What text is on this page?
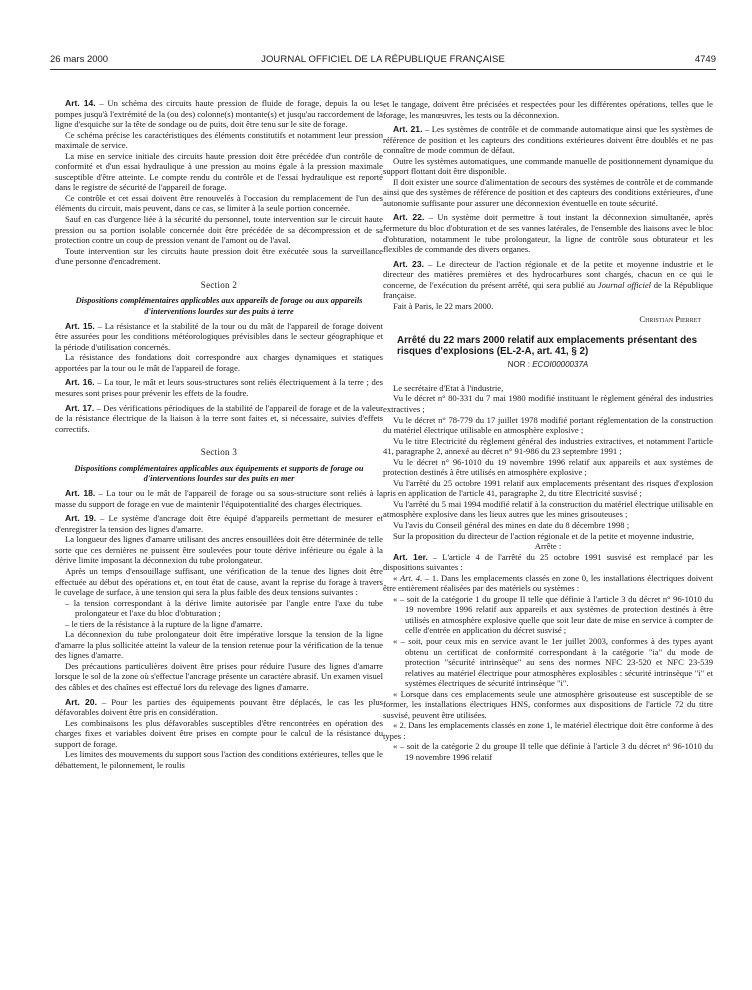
26 mars 2000	JOURNAL OFFICIEL DE LA RÉPUBLIQUE FRANÇAISE	4749

Art. 14. – Un schéma des circuits haute pression de fluide de forage, depuis la ou les pompes jusqu'à l'extrémité de la (ou des) colonne(s) montante(s) et jusqu'au raccordement de la ligne d'esquiche sur la tête de sondage ou de puits, doit être tenu sur le site de forage.

Ce schéma précise les caractéristiques des éléments constitutifs et notamment leur pression maximale de service.

La mise en service initiale des circuits haute pression doit être précédée d'un contrôle de conformité et d'un essai hydraulique à une pression au moins égale à la pression maximale susceptible d'être atteinte. Le compte rendu du contrôle et de l'essai hydraulique est reporté dans le registre de sécurité de l'appareil de forage.

Ce contrôle et cet essai doivent être renouvelés à l'occasion du remplacement de l'un des éléments du circuit, mais peuvent, dans ce cas, se limiter à la seule portion concernée.

Sauf en cas d'urgence liée à la sécurité du personnel, toute intervention sur le circuit haute pression ou sa portion isolable concernée doit être précédée de sa décompression et de sa protection contre un coup de pression venant de l'amont ou de l'aval.

Toute intervention sur les circuits haute pression doit être exécutée sous la surveillance d'une personne d'encadrement.

Section 2

Dispositions complémentaires applicables aux appareils de forage ou aux appareils d'interventions lourdes sur des puits à terre

Art. 15. – La résistance et la stabilité de la tour ou du mât de l'appareil de forage doivent être assurées pour les conditions météorologiques prévisibles dans le secteur géographique et la période d'utilisation concernés.

La résistance des fondations doit correspondre aux charges dynamiques et statiques apportées par la tour ou le mât de l'appareil de forage.

Art. 16. – La tour, le mât et leurs sous-structures sont reliés électriquement à la terre ; des mesures sont prises pour prévenir les effets de la foudre.

Art. 17. – Des vérifications périodiques de la stabilité de l'appareil de forage et de la valeur de la résistance électrique de la liaison à la terre sont faites et, si nécessaire, suivies d'effets correctifs.

Section 3

Dispositions complémentaires applicables aux équipements et supports de forage ou d'interventions lourdes sur des puits en mer

Art. 18. – La tour ou le mât de l'appareil de forage ou sa sous-structure sont reliés à la masse du support de forage en vue de maintenir l'équipotentialité des charges électriques.

Art. 19. – Le système d'ancrage doit être équipé d'appareils permettant de mesurer et d'enregistrer la tension des lignes d'amarre.

La longueur des lignes d'amarre utilisant des ancres ensouillées doit être déterminée de telle sorte que ces dernières ne puissent être soulevées pour toute dérive inférieure ou égale à la dérive limite imposant la déconnexion du tube prolongateur.

Après un temps d'ensouillage suffisant, une vérification de la tenue des lignes doit être effectuée au début des opérations et, en tout état de cause, avant la reprise du forage à travers le cuvelage de surface, à une tension qui sera la plus faible des deux tensions suivantes :

– la tension correspondant à la dérive limite autorisée par l'angle entre l'axe du tube prolongateur et l'axe du bloc d'obturation ;

– le tiers de la résistance à la rupture de la ligne d'amarre.

La déconnexion du tube prolongateur doit être impérative lorsque la tension de la ligne d'amarre la plus sollicitée atteint la valeur de la tension retenue pour la vérification de la tenue des lignes d'amarre.

Des précautions particulières doivent être prises pour réduire l'usure des lignes d'amarre lorsque le sol de la zone où s'effectue l'ancrage présente un caractère abrasif. Un examen visuel des câbles et des chaînes est effectué lors du relevage des lignes d'amarre.

Art. 20. – Pour les parties des équipements pouvant être déplacés, le cas les plus défavorables doivent être pris en considération.

Les combinaisons les plus défavorables susceptibles d'être rencontrées en opération des charges fixes et variables doivent être prises en compte pour le calcul de la résistance du support de forage.

Les limites des mouvements du support sous l'action des conditions extérieures, telles que le débattement, le pilonnement, le roulis

et le tangage, doivent être précisées et respectées pour les différentes opérations, telles que le forage, les manœuvres, les tests ou la déconnexion.

Art. 21. – Les systèmes de contrôle et de commande automatique ainsi que les systèmes de référence de position et les capteurs des conditions extérieures doivent être doublés et ne pas connaître de mode commun de défaut.

Outre les systèmes automatiques, une commande manuelle de positionnement dynamique du support flottant doit être disponible.

Il doit exister une source d'alimentation de secours des systèmes de contrôle et de commande ainsi que des systèmes de référence de position et des capteurs des conditions extérieures, d'une autonomie suffisante pour assurer une déconnexion éventuelle en toute sécurité.

Art. 22. – Un système doit permettre à tout instant la déconnexion simultanée, après fermeture du bloc d'obturation et de ses vannes latérales, de l'ensemble des liaisons avec le bloc d'obturation, notamment le tube prolongateur, la ligne de contrôle sous obturateur et les flexibles de commande des divers organes.

Art. 23. – Le directeur de l'action régionale et de la petite et moyenne industrie et le directeur des matières premières et des hydrocarbures sont chargés, chacun en ce qui le concerne, de l'exécution du présent arrêté, qui sera publié au Journal officiel de la République française.

Fait à Paris, le 22 mars 2000.

Christian Pierret

Arrêté du 22 mars 2000 relatif aux emplacements présentant des risques d'explosions (EL-2-A, art. 41, § 2)

NOR : ECOI0000037A

Le secrétaire d'Etat à l'industrie,

Vu le décret n° 80-331 du 7 mai 1980 modifié instituant le règlement général des industries extractives ;

Vu le décret n° 78-779 du 17 juillet 1978 modifié portant réglementation de la construction du matériel électrique utilisable en atmosphère explosive ;

Vu le titre Electricité du règlement général des industries extractives, et notamment l'article 41, paragraphe 2, annexé au décret n° 91-986 du 23 septembre 1991 ;

Vu le décret n° 96-1010 du 19 novembre 1996 relatif aux appareils et aux systèmes de protection destinés à être utilisés en atmosphère explosive ;

Vu l'arrêté du 25 octobre 1991 relatif aux emplacements présentant des risques d'explosion pris en application de l'article 41, paragraphe 2, du titre Electricité susvisé ;

Vu l'arrêté du 5 mai 1994 modifié relatif à la construction du matériel électrique utilisable en atmosphère explosive dans les lieux autres que les mines grisouteuses ;

Vu l'avis du Conseil général des mines en date du 8 décembre 1998 ;

Sur la proposition du directeur de l'action régionale et de la petite et moyenne industrie,

Arrête :

Art. 1er. – L'article 4 de l'arrêté du 25 octobre 1991 susvisé est remplacé par les dispositions suivantes :

« Art. 4. – 1. Dans les emplacements classés en zone 0, les installations électriques doivent être entièrement réalisées par des matériels ou systèmes :

« – soit de la catégorie 1 du groupe II telle que définie à l'article 3 du décret n° 96-1010 du 19 novembre 1996 relatif aux appareils et aux systèmes de protection destinés à être utilisés en atmosphère explosive quelle que soit leur date de mise en service à compter de celle d'entrée en application du décret susvisé ;

« – soit, pour ceux mis en service avant le 1er juillet 2003, conformes à des types ayant obtenu un certificat de conformité correspondant à la catégorie "ia" du mode de protection "sécurité intrinsèque" au sens des normes NFC 23-520 et NFC 23-539 relatives au matériel électrique pour atmosphères explosibles : sécurité intrinsèque "i" et systèmes électriques de sécurité intrinsèque "i".

« Lorsque dans ces emplacements seule une atmosphère grisouteuse est susceptible de se former, les installations électriques HNS, conformes aux dispositions de l'article 72 du titre susvisé, peuvent être utilisées.

« 2. Dans les emplacements classés en zone 1, le matériel électrique doit être conforme à des types :

« – soit de la catégorie 2 du groupe II telle que définie à l'article 3 du décret n° 96-1010 du 19 novembre 1996 relatif
